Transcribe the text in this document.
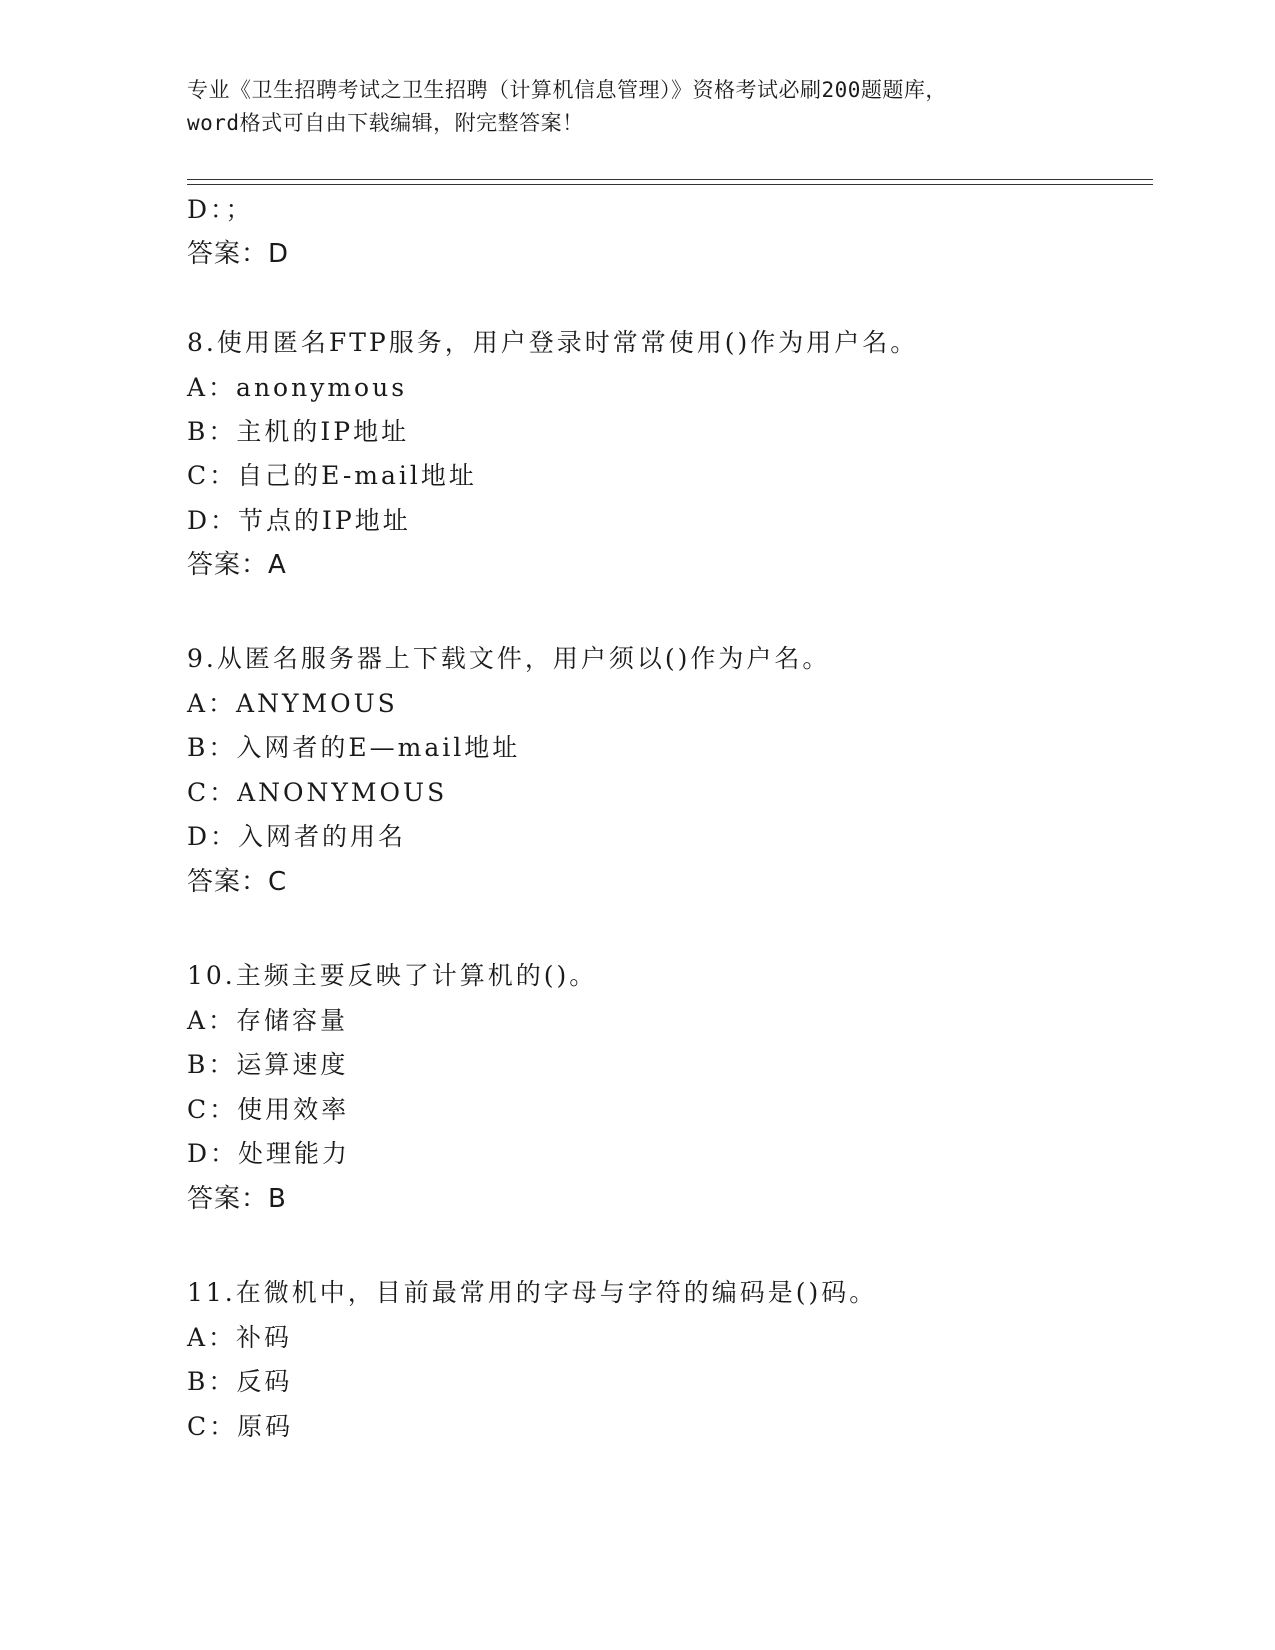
专业《卫生招聘考试之卫生招聘（计算机信息管理）》资格考试必刷200题题库，
word格式可自由下载编辑，附完整答案！
D：；
答案：D
8.使用匿名FTP服务，用户登录时常常使用()作为用户名。
A：anonymous
B：主机的IP地址
C：自己的E-mail地址
D：节点的IP地址
答案：A
9.从匿名服务器上下载文件，用户须以()作为户名。
A：ANYMOUS
B：入网者的E—mail地址
C：ANONYMOUS
D：入网者的用名
答案：C
10.主频主要反映了计算机的()。
A：存储容量
B：运算速度
C：使用效率
D：处理能力
答案：B
11.在微机中，目前最常用的字母与字符的编码是()码。
A：补码
B：反码
C：原码
